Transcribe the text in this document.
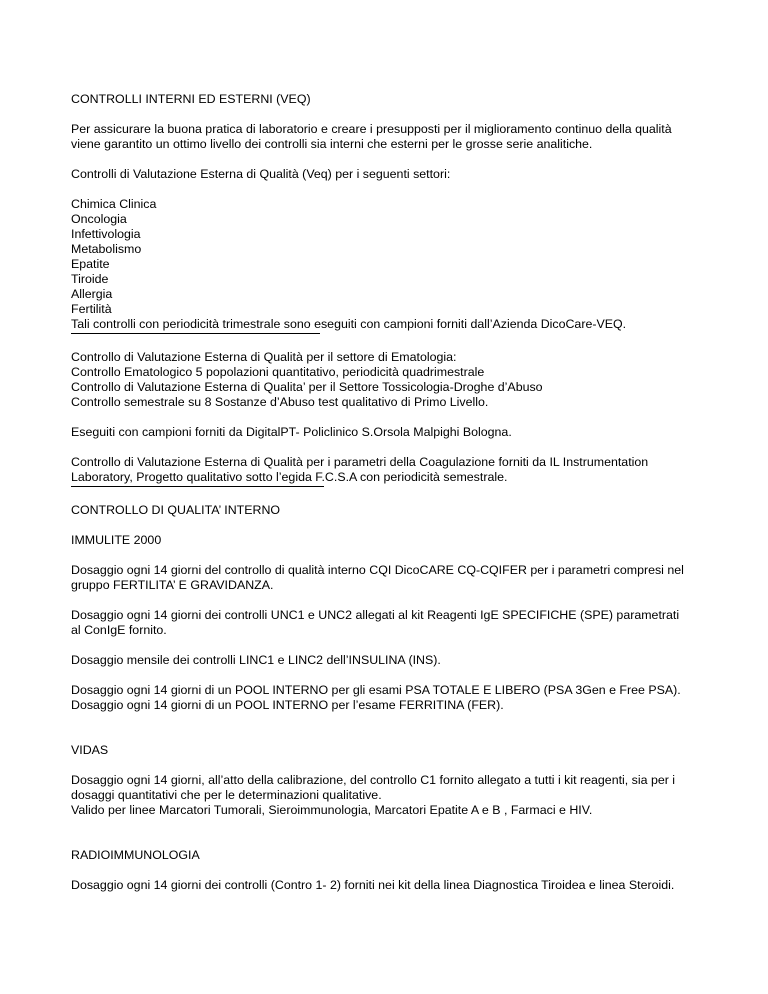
CONTROLLI INTERNI ED ESTERNI (VEQ)
Per assicurare la buona pratica di laboratorio e creare i presupposti per il miglioramento continuo della qualità
viene garantito un ottimo livello dei controlli sia interni che esterni per le grosse serie analitiche.
Controlli di Valutazione Esterna di Qualità (Veq) per i seguenti settori:
Chimica Clinica
Oncologia
Infettivologia
Metabolismo
Epatite
Tiroide
Allergia
Fertilità
Tali controlli con periodicità trimestrale sono eseguiti con campioni forniti dall’Azienda DicoCare-VEQ.
Controllo di Valutazione Esterna di Qualità per il settore di Ematologia:
Controllo Ematologico 5 popolazioni quantitativo, periodicità quadrimestrale
Controllo di Valutazione Esterna di Qualita’ per il Settore Tossicologia-Droghe d’Abuso
Controllo semestrale su 8 Sostanze d’Abuso test qualitativo di Primo Livello.
Eseguiti con campioni forniti da DigitalPT- Policlinico S.Orsola Malpighi Bologna.
Controllo di Valutazione Esterna di Qualità per i parametri della Coagulazione forniti da IL Instrumentation
Laboratory, Progetto qualitativo sotto l’egida F.C.S.A con periodicità semestrale.
CONTROLLO DI QUALITA’ INTERNO
IMMULITE 2000
Dosaggio ogni 14 giorni del controllo di qualità interno CQI DicoCARE CQ-CQIFER per i parametri compresi nel
gruppo FERTILITA’ E GRAVIDANZA.
Dosaggio ogni 14 giorni dei controlli UNC1 e UNC2 allegati al kit Reagenti IgE SPECIFICHE (SPE) parametrati
al ConIgE fornito.
Dosaggio mensile dei controlli LINC1 e LINC2 dell’INSULINA (INS).
Dosaggio ogni 14 giorni di un POOL INTERNO per gli esami PSA TOTALE E LIBERO (PSA 3Gen e Free PSA).
Dosaggio ogni 14 giorni di un POOL INTERNO per l’esame FERRITINA (FER).
VIDAS
Dosaggio ogni 14 giorni, all’atto della calibrazione, del controllo C1 fornito allegato a tutti i kit reagenti, sia per i
dosaggi quantitativi che per le determinazioni qualitative.
Valido per linee Marcatori Tumorali, Sieroimmunologia, Marcatori Epatite A e B , Farmaci e HIV.
RADIOIMMUNOLOGIA
Dosaggio ogni 14 giorni dei controlli (Contro 1- 2) forniti nei kit della linea Diagnostica Tiroidea e linea Steroidi.
